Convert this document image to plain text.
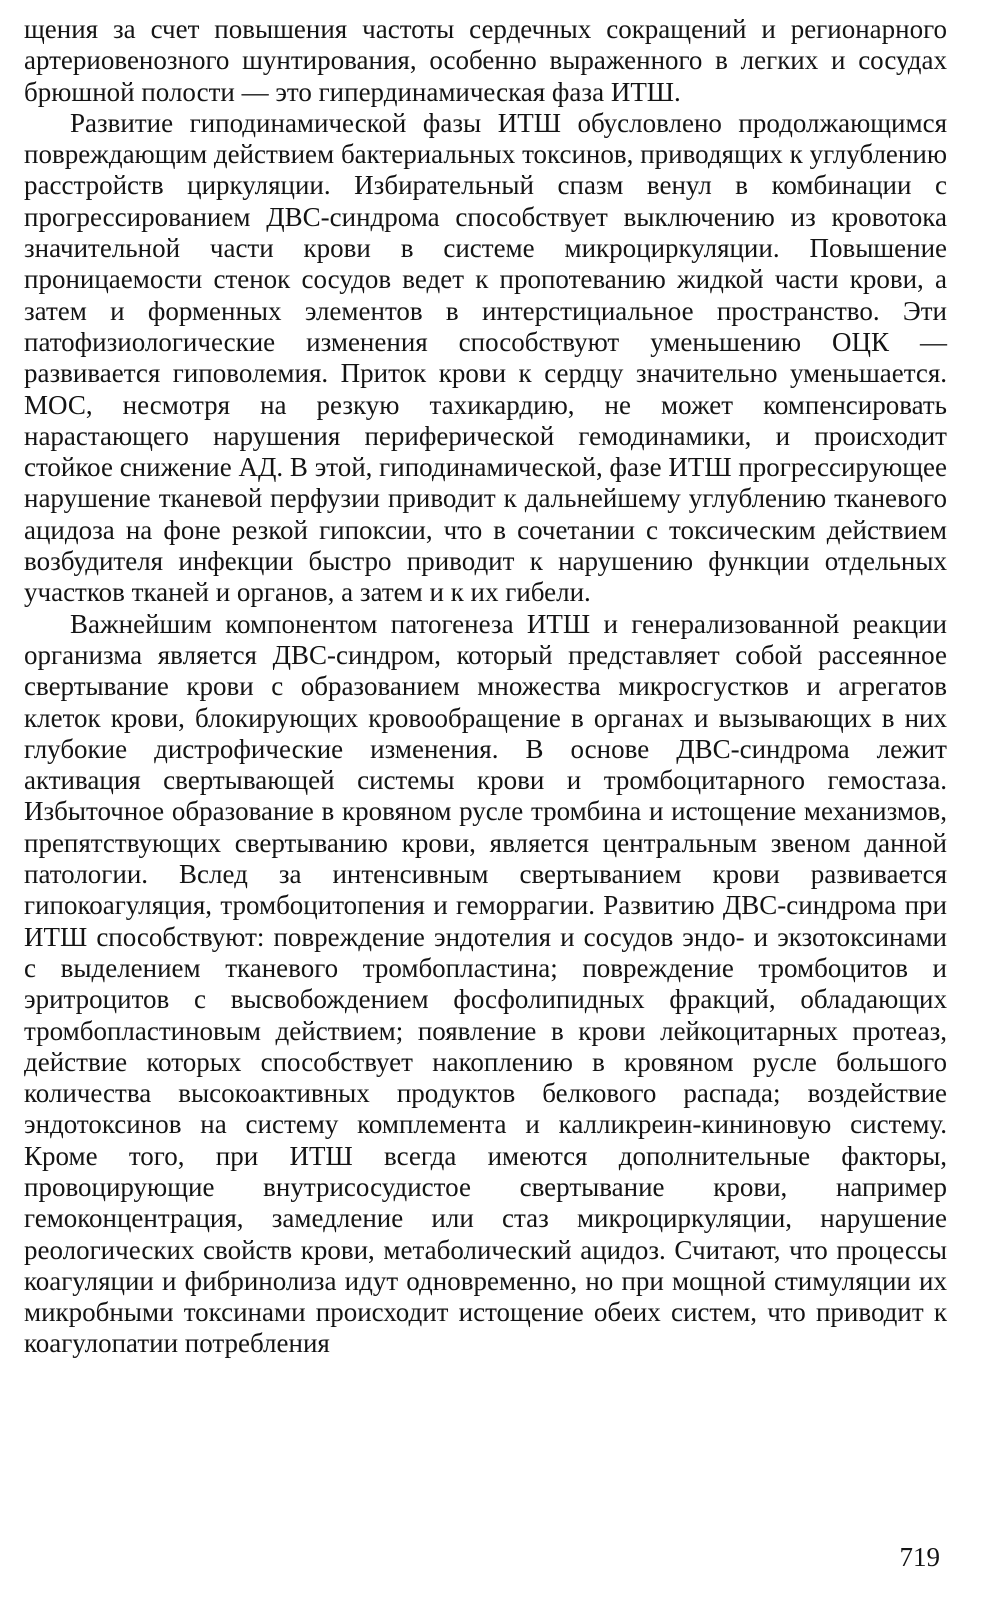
щения за счет повышения частоты сердечных сокращений и регионарного артериовенозного шунтирования, особенно выраженного в легких и сосудах брюшной полости — это гипердинамическая фаза ИТШ.

Развитие гиподинамической фазы ИТШ обусловлено продолжающимся повреждающим действием бактериальных токсинов, приводящих к углублению расстройств циркуляции. Избирательный спазм венул в комбинации с прогрессированием ДВС-синдрома способствует выключению из кровотока значительной части крови в системе микроциркуляции. Повышение проницаемости стенок сосудов ведет к пропотеванию жидкой части крови, а затем и форменных элементов в интерстициальное пространство. Эти патофизиологические изменения способствуют уменьшению ОЦК — развивается гиповолемия. Приток крови к сердцу значительно уменьшается. МОС, несмотря на резкую тахикардию, не может компенсировать нарастающего нарушения периферической гемодинамики, и происходит стойкое снижение АД. В этой, гиподинамической, фазе ИТШ прогрессирующее нарушение тканевой перфузии приводит к дальнейшему углублению тканевого ацидоза на фоне резкой гипоксии, что в сочетании с токсическим действием возбудителя инфекции быстро приводит к нарушению функции отдельных участков тканей и органов, а затем и к их гибели.

Важнейшим компонентом патогенеза ИТШ и генерализованной реакции организма является ДВС-синдром, который представляет собой рассеянное свертывание крови с образованием множества микросгустков и агрегатов клеток крови, блокирующих кровообращение в органах и вызывающих в них глубокие дистрофические изменения. В основе ДВС-синдрома лежит активация свертывающей системы крови и тромбоцитарного гемостаза. Избыточное образование в кровяном русле тромбина и истощение механизмов, препятствующих свертыванию крови, является центральным звеном данной патологии. Вслед за интенсивным свертыванием крови развивается гипокоагуляция, тромбоцитопения и геморрагии. Развитию ДВС-синдрома при ИТШ способствуют: повреждение эндотелия и сосудов эндо- и экзотоксинами с выделением тканевого тромбопластина; повреждение тромбоцитов и эритроцитов с высвобождением фосфолипидных фракций, обладающих тромбопластиновым действием; появление в крови лейкоцитарных протеаз, действие которых способствует накоплению в кровяном русле большого количества высокоактивных продуктов белкового распада; воздействие эндотоксинов на систему комплемента и калликреин-кининовую систему. Кроме того, при ИТШ всегда имеются дополнительные факторы, провоцирующие внутрисосудистое свертывание крови, например гемоконцентрация, замедление или стаз микроциркуляции, нарушение реологических свойств крови, метаболический ацидоз. Считают, что процессы коагуляции и фибринолиза идут одновременно, но при мощной стимуляции их микробными токсинами происходит истощение обеих систем, что приводит к коагулопатии потребления

719
